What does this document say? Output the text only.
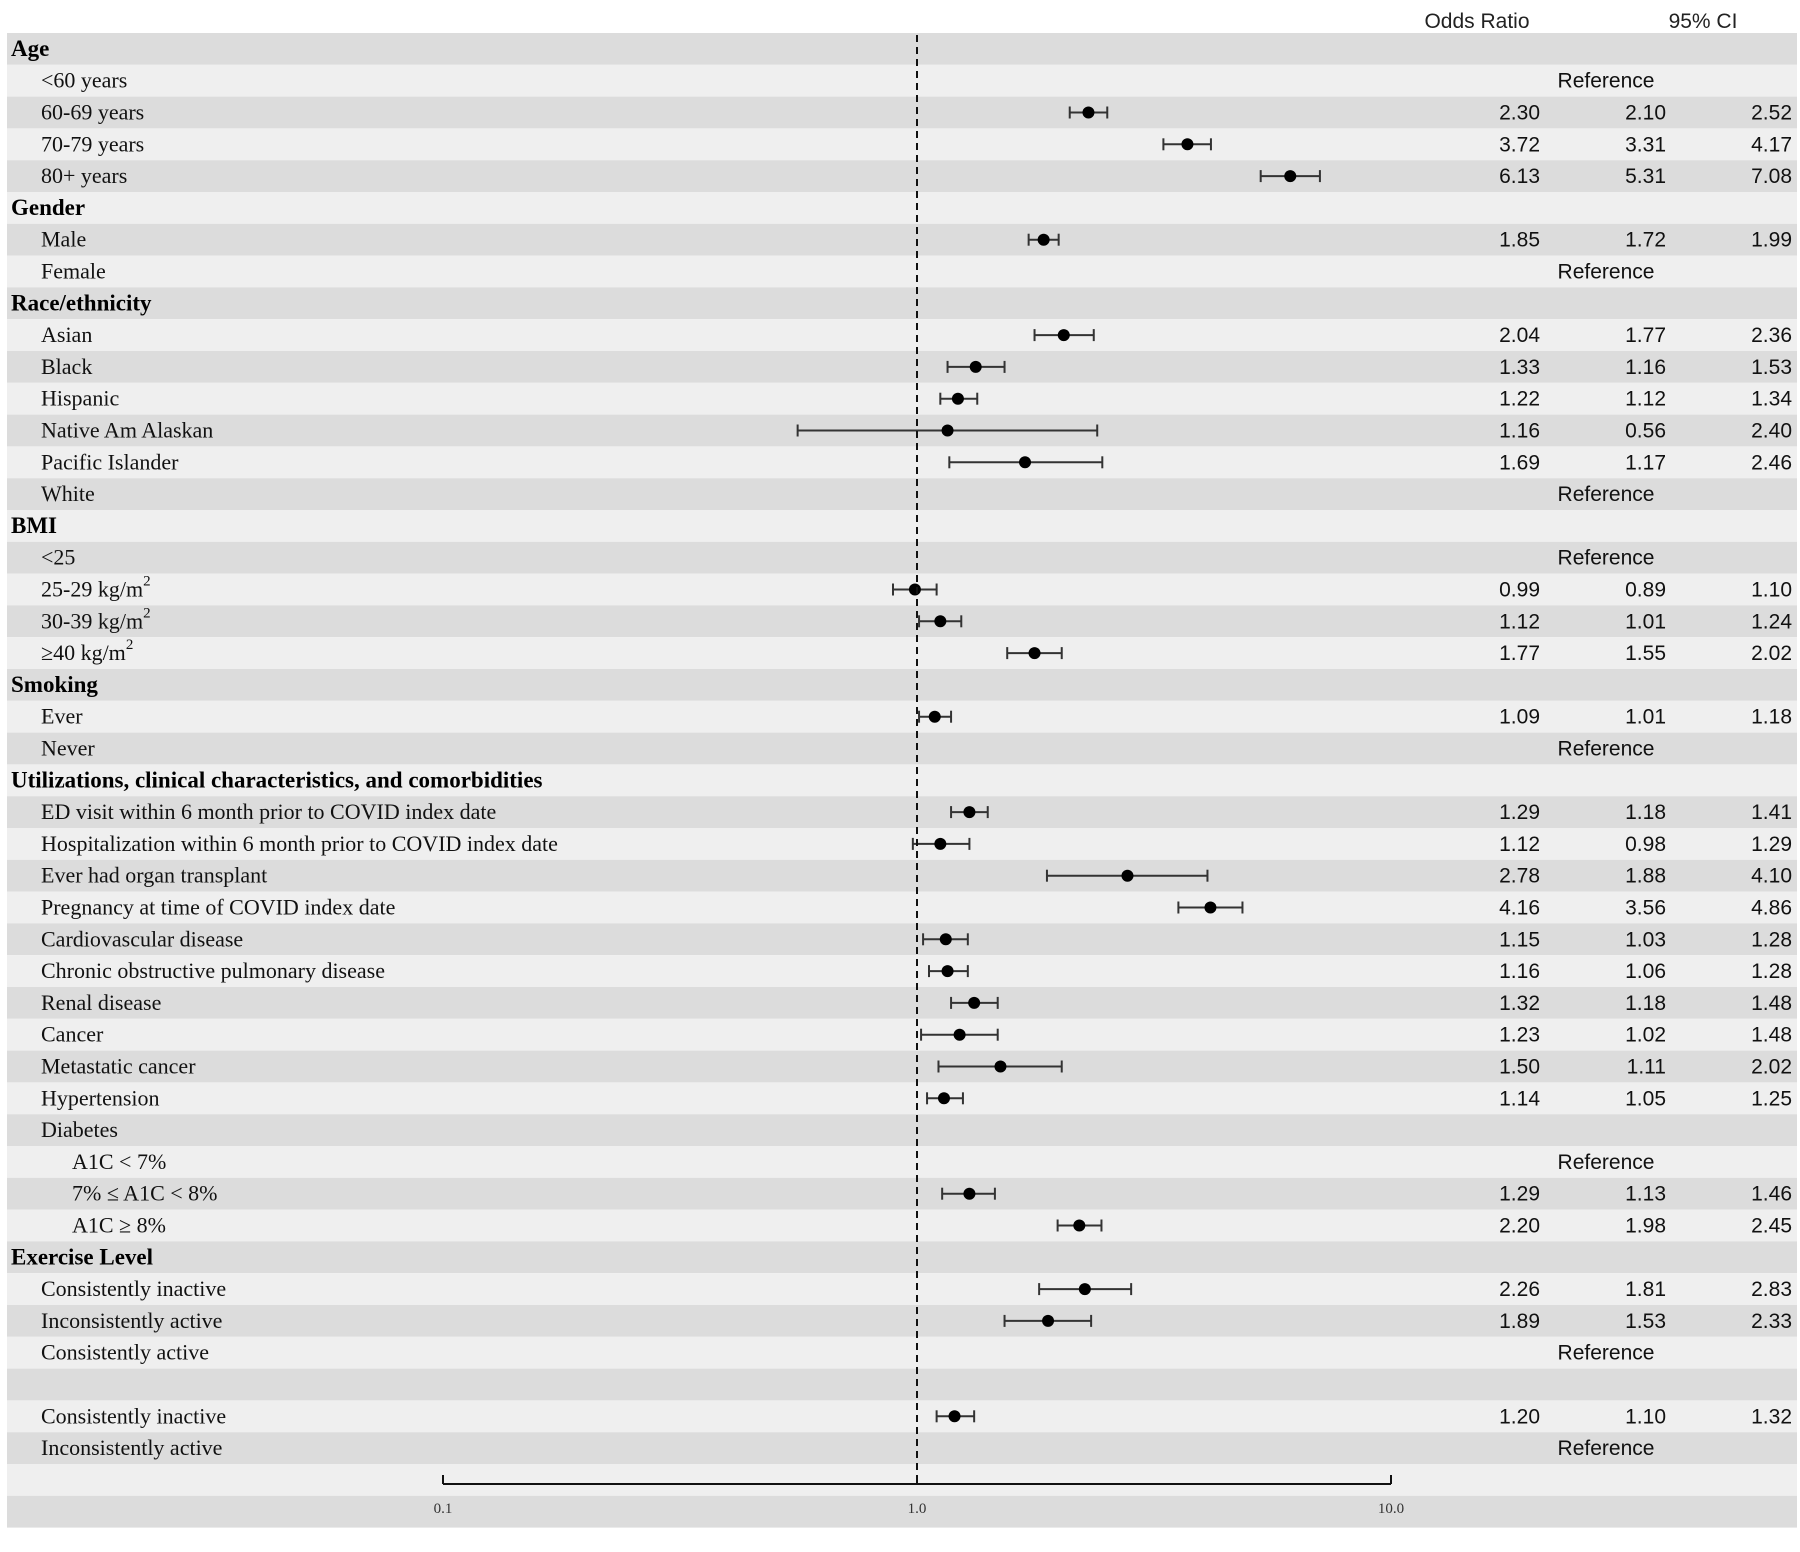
Odds Ratio	95% CI
Age
<60 years	Reference
60-69 years	2.30	2.10	2.52
70-79 years	3.72	3.31	4.17
80+ years	6.13	5.31	7.08
Gender
Male	1.85	1.72	1.99
Female	Reference
Race/ethnicity
Asian	2.04	1.77	2.36
Black	1.33	1.16	1.53
Hispanic	1.22	1.12	1.34
Native Am Alaskan	1.16	0.56	2.40
Pacific Islander	1.69	1.17	2.46
White	Reference
BMI
<25	Reference
25-29 $kg/m^2$	0.99	0.89	1.10
30-39 $kg/m^2$	1.12	1.01	1.24
≥40 $kg/m^2$	1.77	1.55	2.02
Smoking
Ever	1.09	1.01	1.18
Never	Reference
Utilizations, clinical characteristics, and comorbidities
ED visit within 6 month prior to COVID index date	1.29	1.18	1.41
Hospitalization within 6 month prior to COVID index date	1.12	0.98	1.29
Ever had organ transplant	2.78	1.88	4.10
Pregnancy at time of COVID index date	4.16	3.56	4.86
Cardiovascular disease	1.15	1.03	1.28
Chronic obstructive pulmonary disease	1.16	1.06	1.28
Renal disease	1.32	1.18	1.48
Cancer	1.23	1.02	1.48
Metastatic cancer	1.50	1.11	2.02
Hypertension	1.14	1.05	1.25
Diabetes
A1C < 7%	Reference
7% ≤ A1C < 8%	1.29	1.13	1.46
A1C ≥ 8%	2.20	1.98	2.45
Exercise Level
Consistently inactive	2.26	1.81	2.83
Inconsistently active	1.89	1.53	2.33
Consistently active	Reference
Consistently inactive	1.20	1.10	1.32
Inconsistently active	Reference
0.1	1.0	10.0
